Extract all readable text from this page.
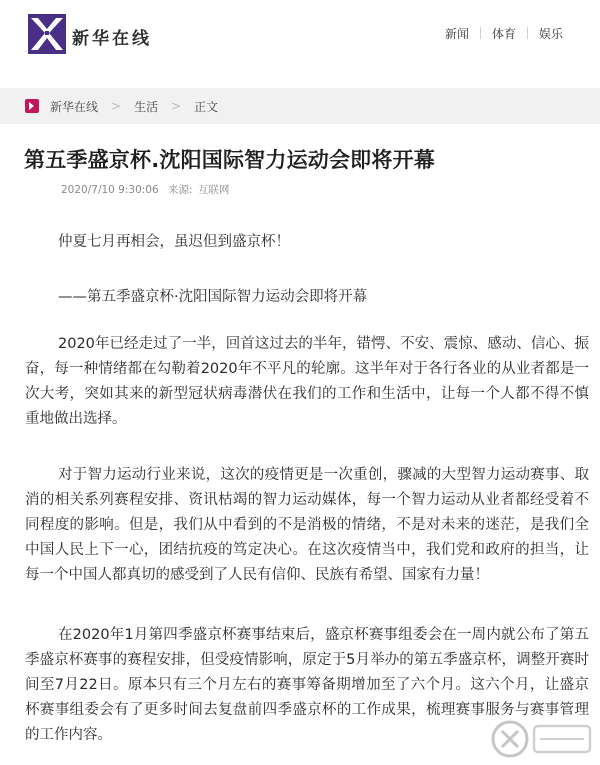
新华在线	新闻	体育	娱乐
新华在线 > 生活 > 正文
第五季盛京杯.沈阳国际智力运动会即将开幕
2020/7/10 9:30:06 来源: 互联网

仲夏七月再相会，虽迟但到盛京杯！

——第五季盛京杯·沈阳国际智力运动会即将开幕

2020年已经走过了一半，回首这过去的半年，错愕、不安、震惊、感动、信心、振奋，每一种情绪都在勾勒着2020年不平凡的轮廓。这半年对于各行各业的从业者都是一次大考，突如其来的新型冠状病毒潜伏在我们的工作和生活中，让每一个人都不得不慎重地做出选择。

对于智力运动行业来说，这次的疫情更是一次重创，骤减的大型智力运动赛事、取消的相关系列赛程安排、资讯枯竭的智力运动媒体，每一个智力运动从业者都经受着不同程度的影响。但是，我们从中看到的不是消极的情绪，不是对未来的迷茫，是我们全中国人民上下一心，团结抗疫的笃定决心。在这次疫情当中，我们党和政府的担当，让每一个中国人都真切的感受到了人民有信仰、民族有希望、国家有力量！

在2020年1月第四季盛京杯赛事结束后，盛京杯赛事组委会在一周内就公布了第五季盛京杯赛事的赛程安排，但受疫情影响，原定于5月举办的第五季盛京杯，调整开赛时间至7月22日。原本只有三个月左右的赛事筹备期增加至了六个月。这六个月，让盛京杯赛事组委会有了更多时间去复盘前四季盛京杯的工作成果，梳理赛事服务与赛事管理的工作内容。
